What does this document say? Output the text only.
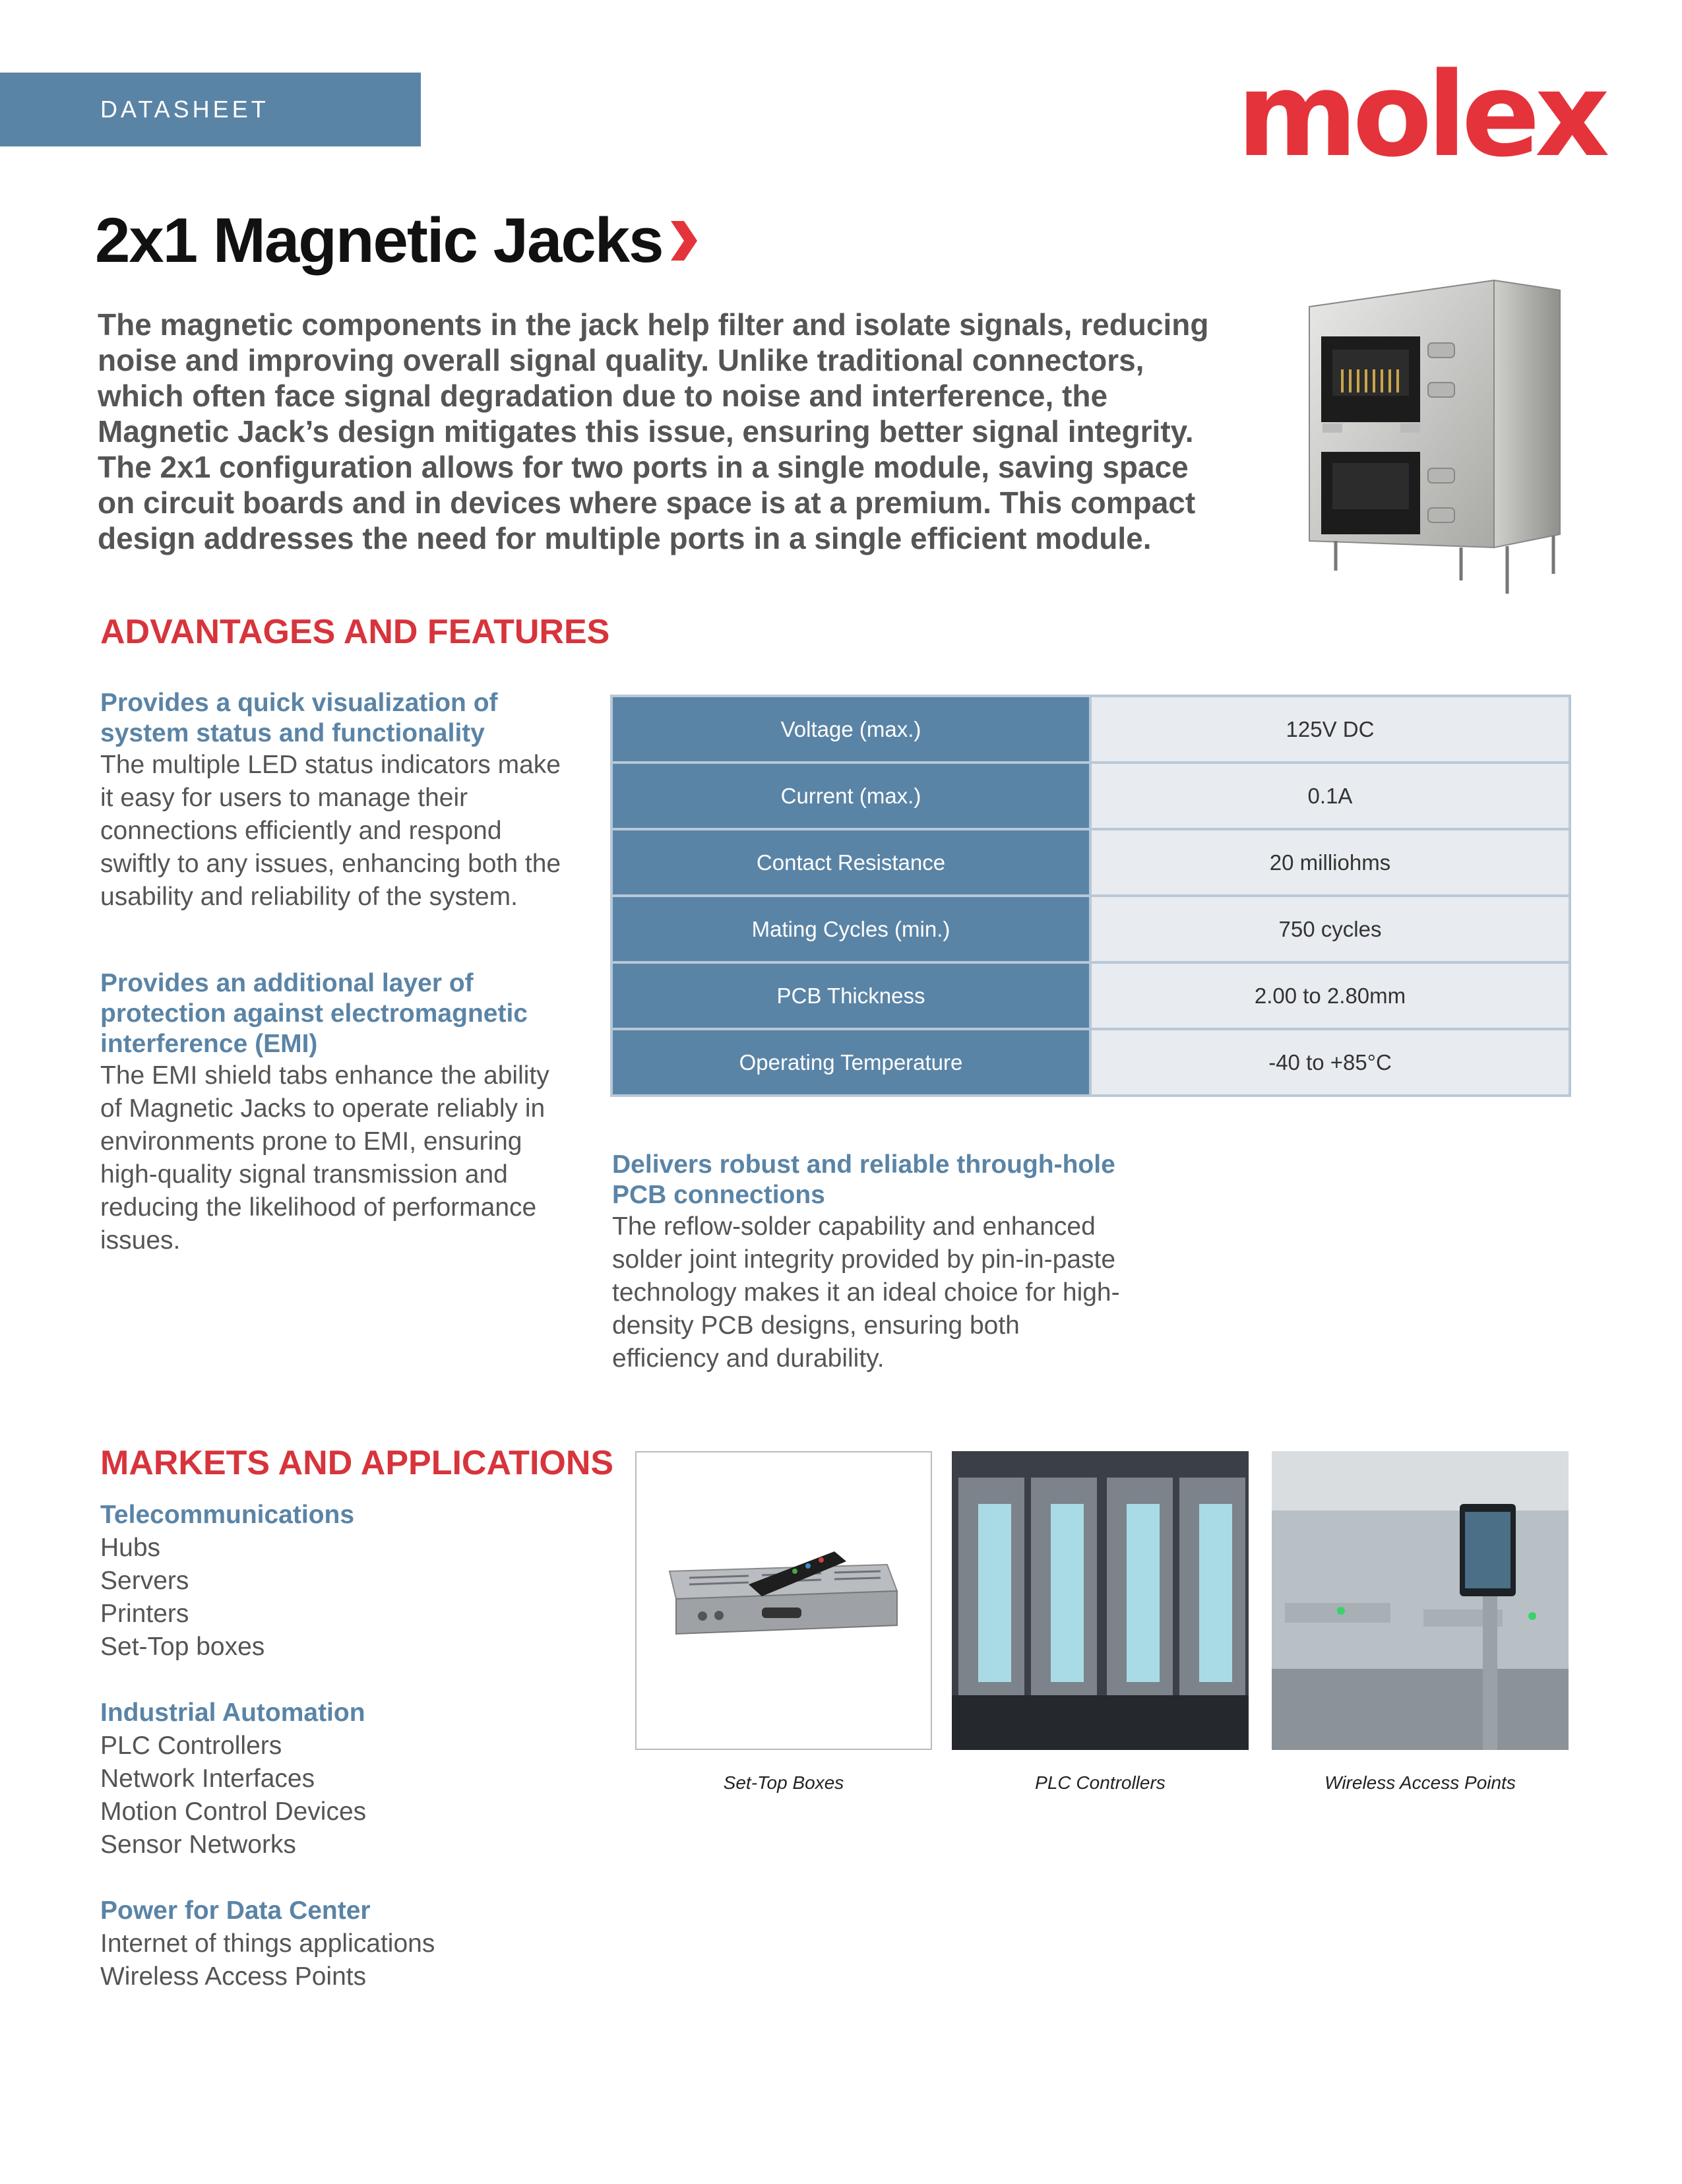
DATASHEET	molex
2x1 Magnetic Jacks
The magnetic components in the jack help filter and isolate signals, reducing noise and improving overall signal quality. Unlike traditional connectors, which often face signal degradation due to noise and interference, the Magnetic Jack’s design mitigates this issue, ensuring better signal integrity. The 2x1 configuration allows for two ports in a single module, saving space on circuit boards and in devices where space is at a premium. This compact design addresses the need for multiple ports in a single efficient module.
ADVANTAGES AND FEATURES
Provides a quick visualization of system status and functionality
The multiple LED status indicators make it easy for users to manage their connections efficiently and respond swiftly to any issues, enhancing both the usability and reliability of the system.
Provides an additional layer of protection against electromagnetic interference (EMI)
The EMI shield tabs enhance the ability of Magnetic Jacks to operate reliably in environments prone to EMI, ensuring high-quality signal transmission and reducing the likelihood of performance issues.
Delivers robust and reliable through-hole PCB connections
The reflow-solder capability and enhanced solder joint integrity provided by pin-in-paste technology makes it an ideal choice for high-density PCB designs, ensuring both efficiency and durability.
Voltage (max.)	125V DC
Current (max.)	0.1A
Contact Resistance	20 milliohms
Mating Cycles (min.)	750 cycles
PCB Thickness	2.00 to 2.80mm
Operating Temperature	-40 to +85°C
MARKETS AND APPLICATIONS
Telecommunications
Hubs
Servers
Printers
Set-Top boxes
Industrial Automation
PLC Controllers
Network Interfaces
Motion Control Devices
Sensor Networks
Power for Data Center
Internet of things applications
Wireless Access Points
Set-Top Boxes	PLC Controllers	Wireless Access Points
